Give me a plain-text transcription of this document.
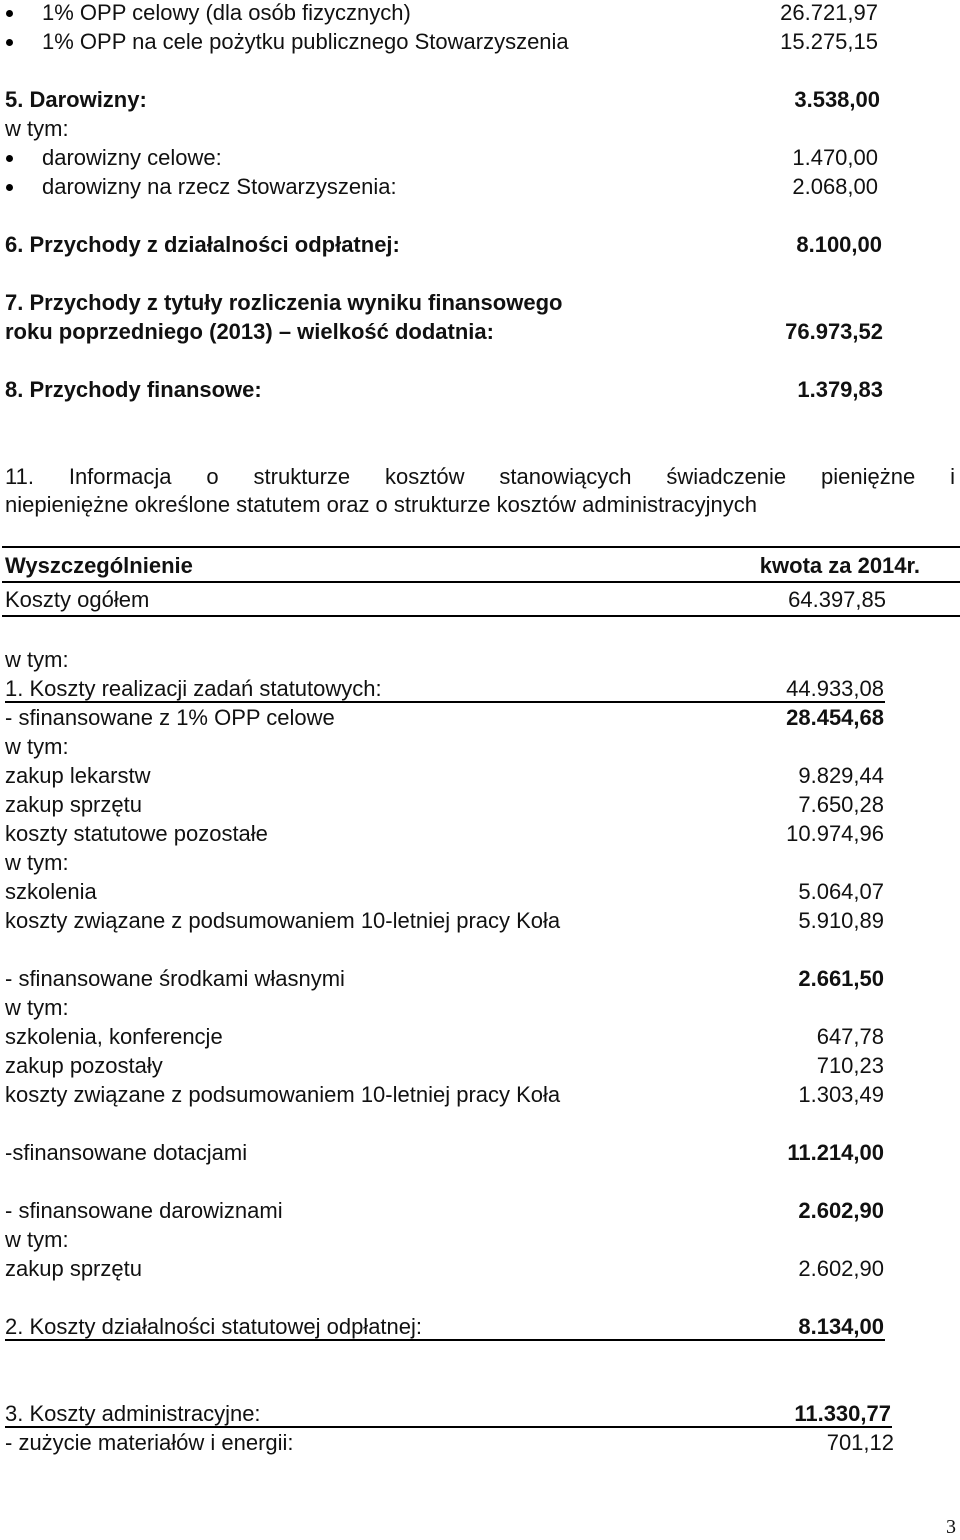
1% OPP celowy (dla osób fizycznych)	26.721,97
1% OPP na cele pożytku publicznego Stowarzyszenia	15.275,15
5. Darowizny:	3.538,00
w tym:
darowizny celowe:	1.470,00
darowizny na rzecz Stowarzyszenia:	2.068,00
6. Przychody z działalności odpłatnej:	8.100,00
7. Przychody z tytuły rozliczenia wyniku finansowego
roku poprzedniego (2013) – wielkość dodatnia:	76.973,52
8. Przychody finansowe:	1.379,83
11. Informacja o strukturze kosztów stanowiących świadczenie pieniężne i
niepieniężne określone statutem oraz o strukturze kosztów administracyjnych
Wyszczególnienie	kwota za 2014r.
Koszty ogółem	64.397,85
w tym:
1. Koszty realizacji zadań statutowych:	44.933,08
- sfinansowane z 1% OPP celowe	28.454,68
w tym:
zakup lekarstw	9.829,44
zakup sprzętu	7.650,28
koszty statutowe pozostałe	10.974,96
w tym:
szkolenia	5.064,07
koszty związane z podsumowaniem 10-letniej pracy Koła	5.910,89
- sfinansowane środkami własnymi	2.661,50
w tym:
szkolenia, konferencje	647,78
zakup pozostały	710,23
koszty związane z podsumowaniem 10-letniej pracy Koła	1.303,49
-sfinansowane dotacjami	11.214,00
- sfinansowane darowiznami	2.602,90
w tym:
zakup sprzętu	2.602,90
2. Koszty działalności statutowej odpłatnej:	8.134,00
3. Koszty administracyjne:	11.330,77
- zużycie materiałów i energii:	701,12
3
